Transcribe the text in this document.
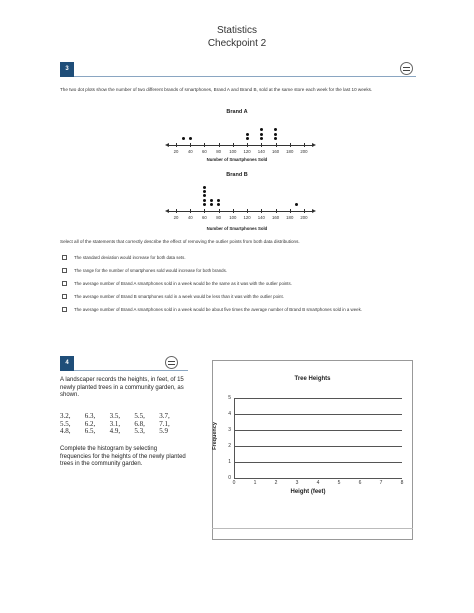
Statistics
Checkpoint 2
3
The two dot plots show the number of two different brands of smartphones, Brand A and Brand B, sold at the same store each week for the last 10 weeks.
Brand A
20	40	60	80	100	120	140	160	180	200
Number of Smartphones Sold
Brand B
20	40	60	80	100	120	140	160	180	200
Number of Smartphones Sold
Select all of the statements that correctly describe the effect of removing the outlier points from both data distributions.
The standard deviation would increase for both data sets.
The range for the number of smartphones sold would increase for both brands.
The average number of Brand A smartphones sold in a week would be the same as it was with the outlier points.
The average number of Brand B smartphones sold in a week would be less than it was with the outlier point.
The average number of Brand A smartphones sold in a week would be about five times the average number of Brand B smartphones sold in a week.
4
A landscaper records the heights, in feet, of 15 newly planted trees in a community garden, as shown.
3.2,	6.3,	3.5,	5.5,	3.7,
5.5,	6.2,	3.1,	6.8,	7.1,
4.8,	6.5,	4.9,	5.3,	5.9
Complete the histogram by selecting frequencies for the heights of the newly planted trees in the community garden.
Tree Heights
0
1
2
3
4
5
0	1	2	3	4	5	6	7	8
Height (feet)
Frequency
